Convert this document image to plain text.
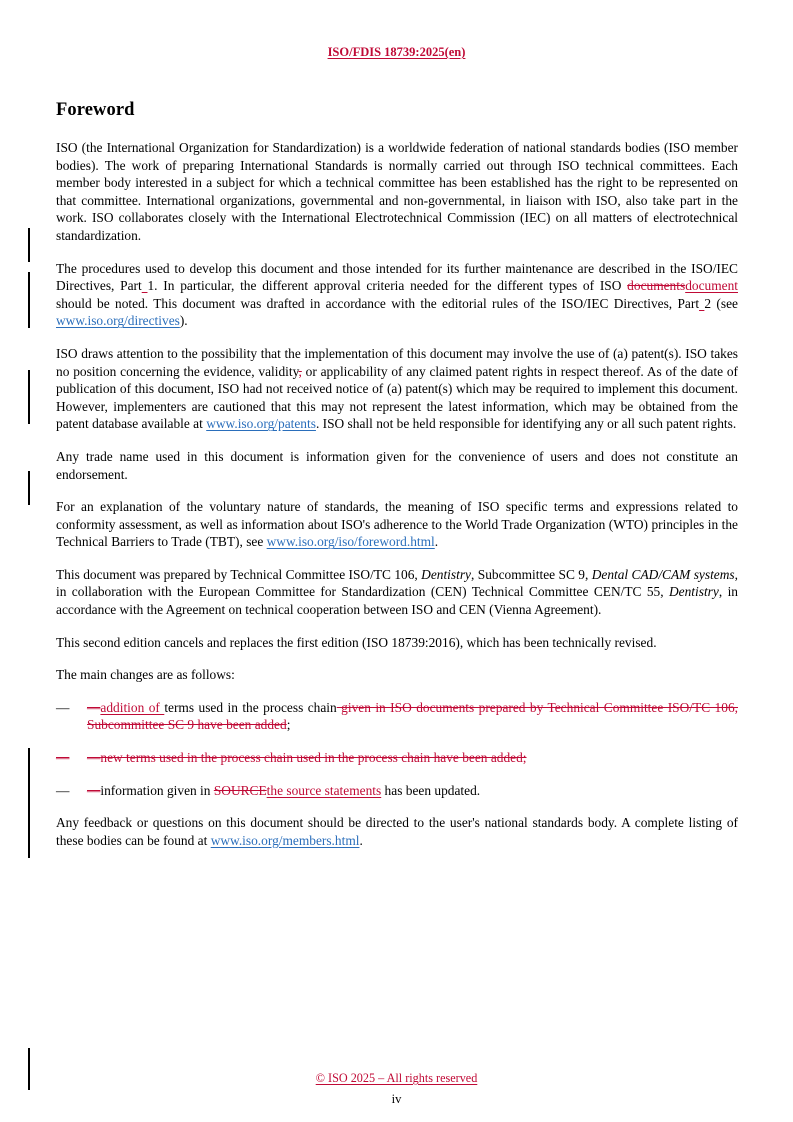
ISO/FDIS 18739:2025(en)
Foreword

ISO (the International Organization for Standardization) is a worldwide federation of national standards bodies (ISO member bodies). The work of preparing International Standards is normally carried out through ISO technical committees. Each member body interested in a subject for which a technical committee has been established has the right to be represented on that committee. International organizations, governmental and non-governmental, in liaison with ISO, also take part in the work. ISO collaborates closely with the International Electrotechnical Commission (IEC) on all matters of electrotechnical standardization.

The procedures used to develop this document and those intended for its further maintenance are described in the ISO/IEC Directives, Part 1. In particular, the different approval criteria needed for the different types of ISO documentsdocument should be noted. This document was drafted in accordance with the editorial rules of the ISO/IEC Directives, Part 2 (see www.iso.org/directives).

ISO draws attention to the possibility that the implementation of this document may involve the use of (a) patent(s). ISO takes no position concerning the evidence, validity, or applicability of any claimed patent rights in respect thereof. As of the date of publication of this document, ISO had not received notice of (a) patent(s) which may be required to implement this document. However, implementers are cautioned that this may not represent the latest information, which may be obtained from the patent database available at www.iso.org/patents. ISO shall not be held responsible for identifying any or all such patent rights.

Any trade name used in this document is information given for the convenience of users and does not constitute an endorsement.

For an explanation of the voluntary nature of standards, the meaning of ISO specific terms and expressions related to conformity assessment, as well as information about ISO's adherence to the World Trade Organization (WTO) principles in the Technical Barriers to Trade (TBT), see www.iso.org/iso/foreword.html.

This document was prepared by Technical Committee ISO/TC 106, Dentistry, Subcommittee SC 9, Dental CAD/CAM systems, in collaboration with the European Committee for Standardization (CEN) Technical Committee CEN/TC 55, Dentistry, in accordance with the Agreement on technical cooperation between ISO and CEN (Vienna Agreement).

This second edition cancels and replaces the first edition (ISO 18739:2016), which has been technically revised.

The main changes are as follows:

— —addition of terms used in the process chain given in ISO documents prepared by Technical Committee ISO/TC 106, Subcommittee SC 9 have been added;
— —new terms used in the process chain used in the process chain have been added;
— —information given in SOURCEthe source statements has been updated.

Any feedback or questions on this document should be directed to the user's national standards body. A complete listing of these bodies can be found at www.iso.org/members.html.

© ISO 2025 – All rights reserved
iv
